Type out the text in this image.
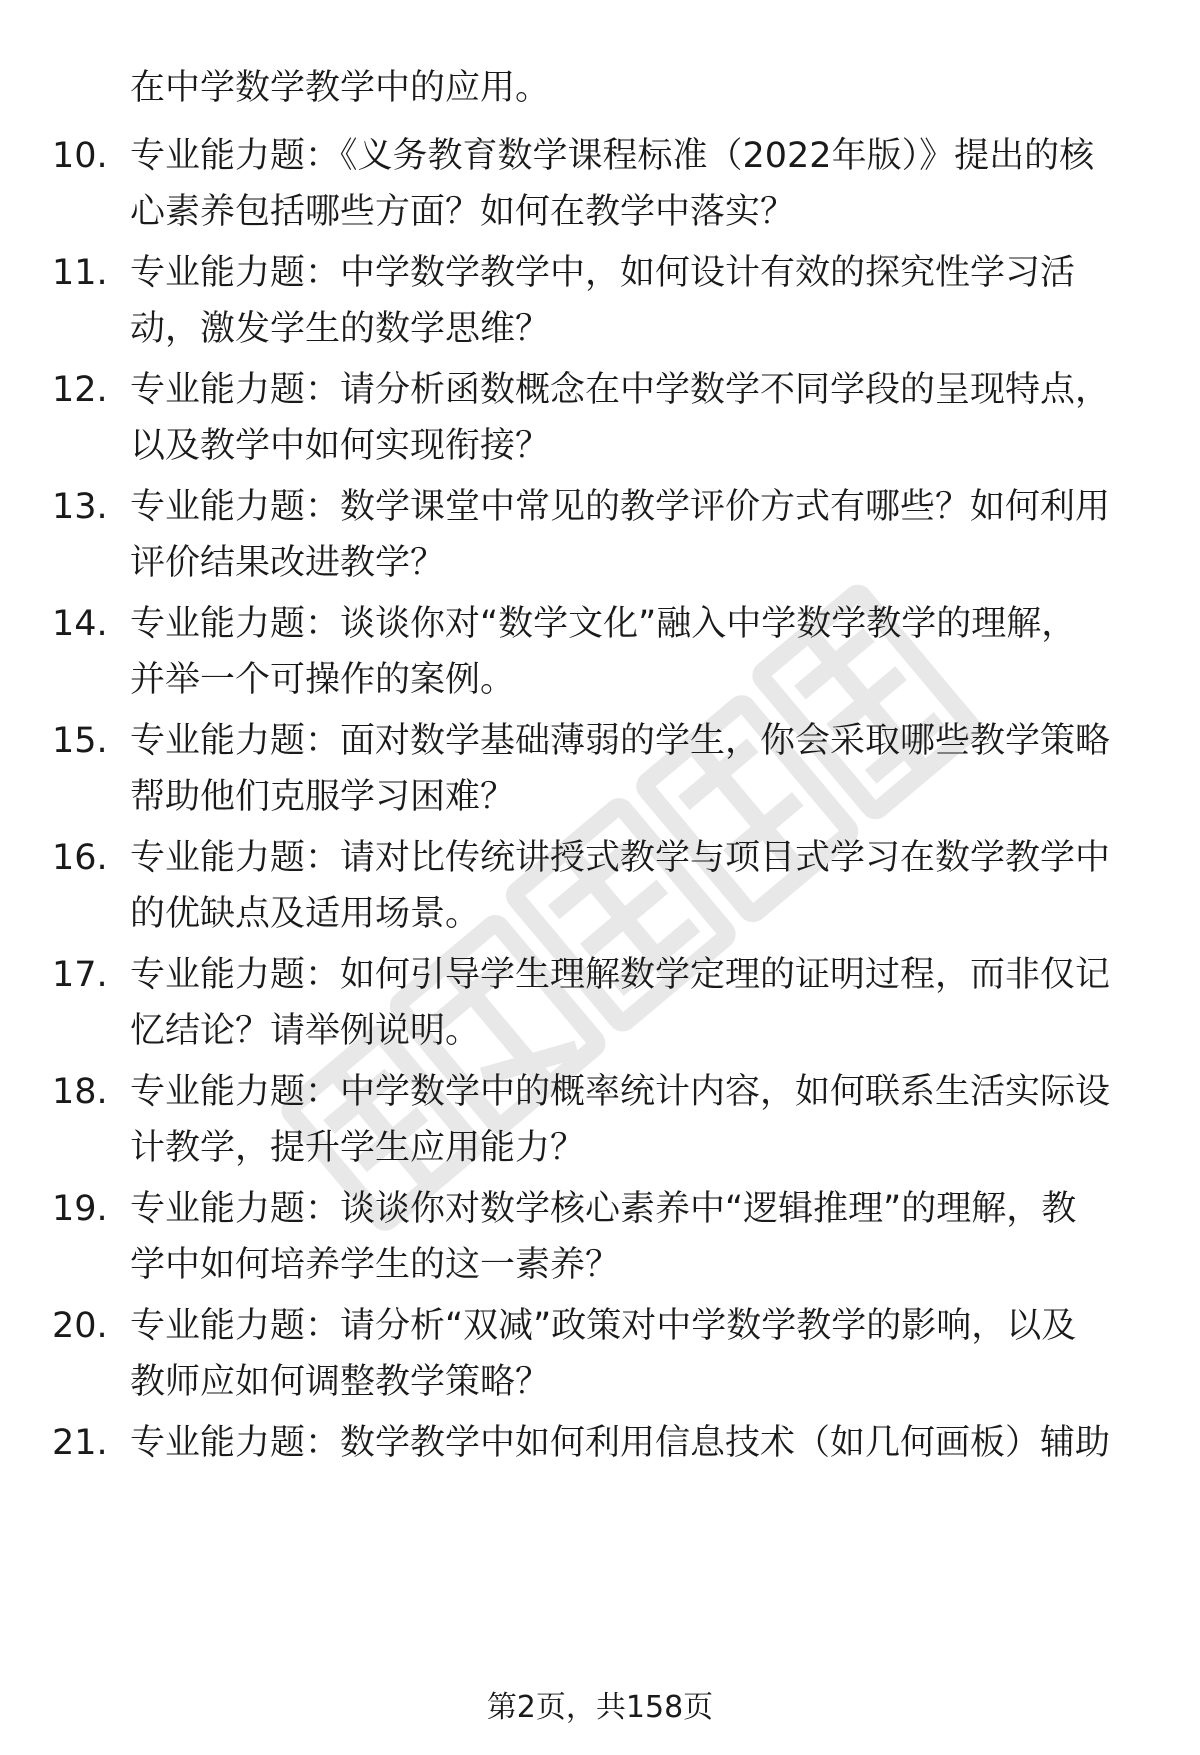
在中学数学教学中的应用。
10. 专业能力题：《义务教育数学课程标准（2022年版）》提出的核
心素养包括哪些方面？如何在教学中落实？
11. 专业能力题：中学数学教学中，如何设计有效的探究性学习活
动，激发学生的数学思维？
12. 专业能力题：请分析函数概念在中学数学不同学段的呈现特点，
以及教学中如何实现衔接？
13. 专业能力题：数学课堂中常见的教学评价方式有哪些？如何利用
评价结果改进教学？
14. 专业能力题：谈谈你对“数学文化”融入中学数学教学的理解，
并举一个可操作的案例。
15. 专业能力题：面对数学基础薄弱的学生，你会采取哪些教学策略
帮助他们克服学习困难？
16. 专业能力题：请对比传统讲授式教学与项目式学习在数学教学中
的优缺点及适用场景。
17. 专业能力题：如何引导学生理解数学定理的证明过程，而非仅记
忆结论？请举例说明。
18. 专业能力题：中学数学中的概率统计内容，如何联系生活实际设
计教学，提升学生应用能力？
19. 专业能力题：谈谈你对数学核心素养中“逻辑推理”的理解，教
学中如何培养学生的这一素养？
20. 专业能力题：请分析“双减”政策对中学数学教学的影响，以及
教师应如何调整教学策略？
21. 专业能力题：数学教学中如何利用信息技术（如几何画板）辅助
第2页，共158页
